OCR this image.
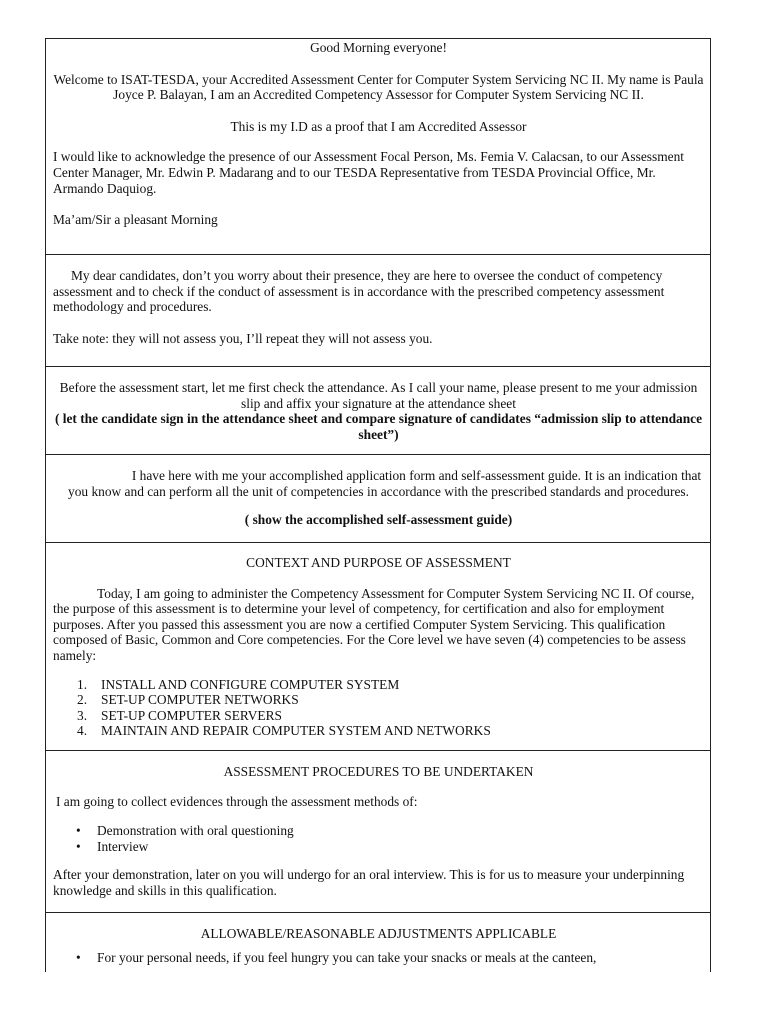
Good Morning everyone!

Welcome to ISAT-TESDA, your Accredited Assessment Center for Computer System Servicing NC II. My name is Paula Joyce P. Balayan, I am an Accredited Competency Assessor for Computer System Servicing NC II.

This is my I.D as a proof that I am Accredited Assessor

I would like to acknowledge the presence of our Assessment Focal Person, Ms. Femia V. Calacsan, to our Assessment Center Manager, Mr. Edwin P. Madarang and to our TESDA Representative from TESDA Provincial Office, Mr. Armando Daquiog.

Ma’am/Sir a pleasant Morning

My dear candidates, don’t you worry about their presence, they are here to oversee the conduct of competency assessment and to check if the conduct of assessment is in accordance with the prescribed competency assessment methodology and procedures.

Take note: they will not assess you, I’ll repeat they will not assess you.

Before the assessment start, let me first check the attendance. As I call your name, please present to me your admission slip and affix your signature at the attendance sheet

( let the candidate sign in the attendance sheet and compare signature of candidates “admission slip to attendance sheet”)

I have here with me your accomplished application form and self-assessment guide. It is an indication that you know and can perform all the unit of competencies in accordance with the prescribed standards and procedures.

( show the accomplished self-assessment guide)

CONTEXT AND PURPOSE OF ASSESSMENT

Today, I am going to administer the Competency Assessment for Computer System Servicing NC II. Of course, the purpose of this assessment is to determine your level of competency, for certification and also for employment purposes. After you passed this assessment you are now a certified Computer System Servicing. This qualification composed of Basic, Common and Core competencies. For the Core level we have seven (4) competencies to be assess namely:

1. INSTALL AND CONFIGURE COMPUTER SYSTEM
2. SET-UP COMPUTER NETWORKS
3. SET-UP COMPUTER SERVERS
4. MAINTAIN AND REPAIR COMPUTER SYSTEM AND NETWORKS

ASSESSMENT PROCEDURES TO BE UNDERTAKEN

I am going to collect evidences through the assessment methods of:

• Demonstration with oral questioning
• Interview

After your demonstration, later on you will undergo for an oral interview. This is for us to measure your underpinning knowledge and skills in this qualification.

ALLOWABLE/REASONABLE ADJUSTMENTS APPLICABLE

• For your personal needs, if you feel hungry you can take your snacks or meals at the canteen,
